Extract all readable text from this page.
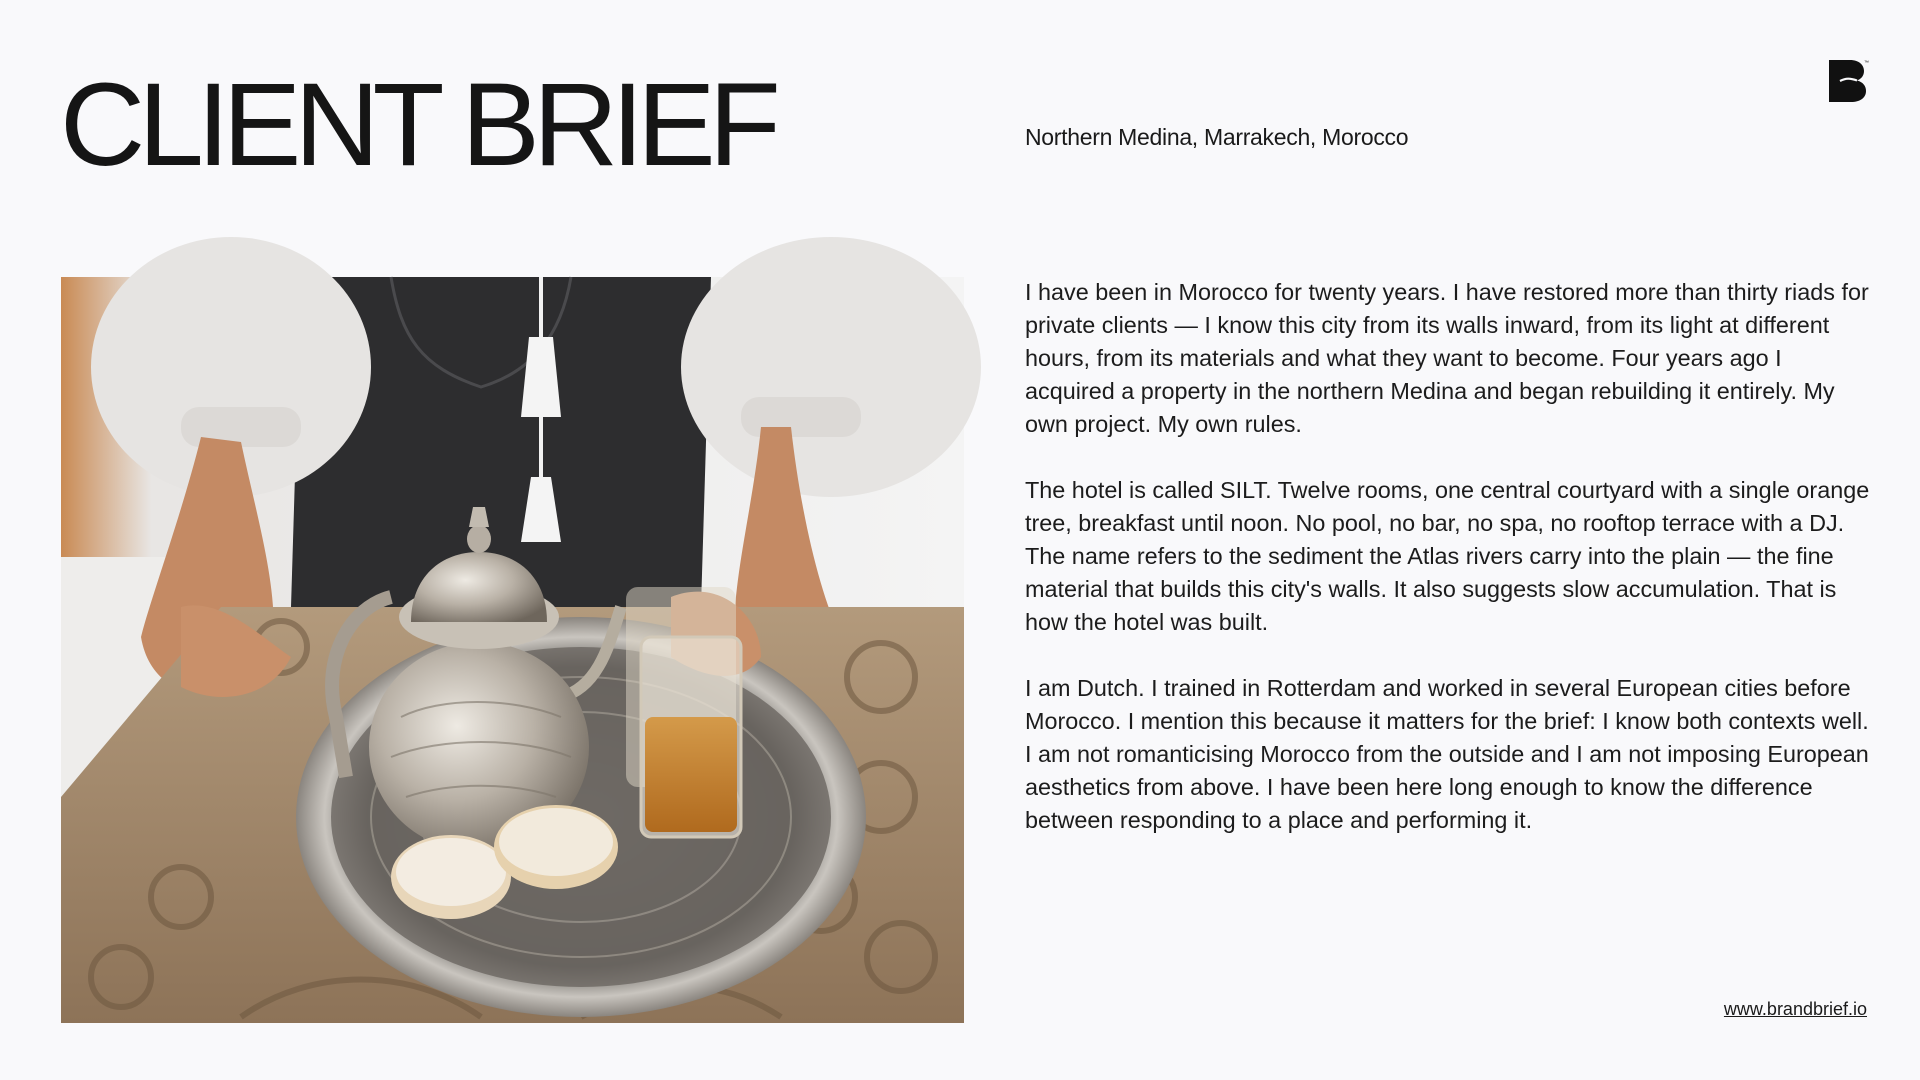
CLIENT BRIEF	Northern Medina, Marrakech, Morocco
™

I have been in Morocco for twenty years. I have restored more than thirty riads for private clients — I know this city from its walls inward, from its light at different hours, from its materials and what they want to become. Four years ago I acquired a property in the northern Medina and began rebuilding it entirely. My own project. My own rules.

The hotel is called SILT. Twelve rooms, one central courtyard with a single orange tree, breakfast until noon. No pool, no bar, no spa, no rooftop terrace with a DJ. The name refers to the sediment the Atlas rivers carry into the plain — the fine material that builds this city's walls. It also suggests slow accumulation. That is how the hotel was built.

I am Dutch. I trained in Rotterdam and worked in several European cities before Morocco. I mention this because it matters for the brief: I know both contexts well. I am not romanticising Morocco from the outside and I am not imposing European aesthetics from above. I have been here long enough to know the difference between responding to a place and performing it.

www.brandbrief.io
